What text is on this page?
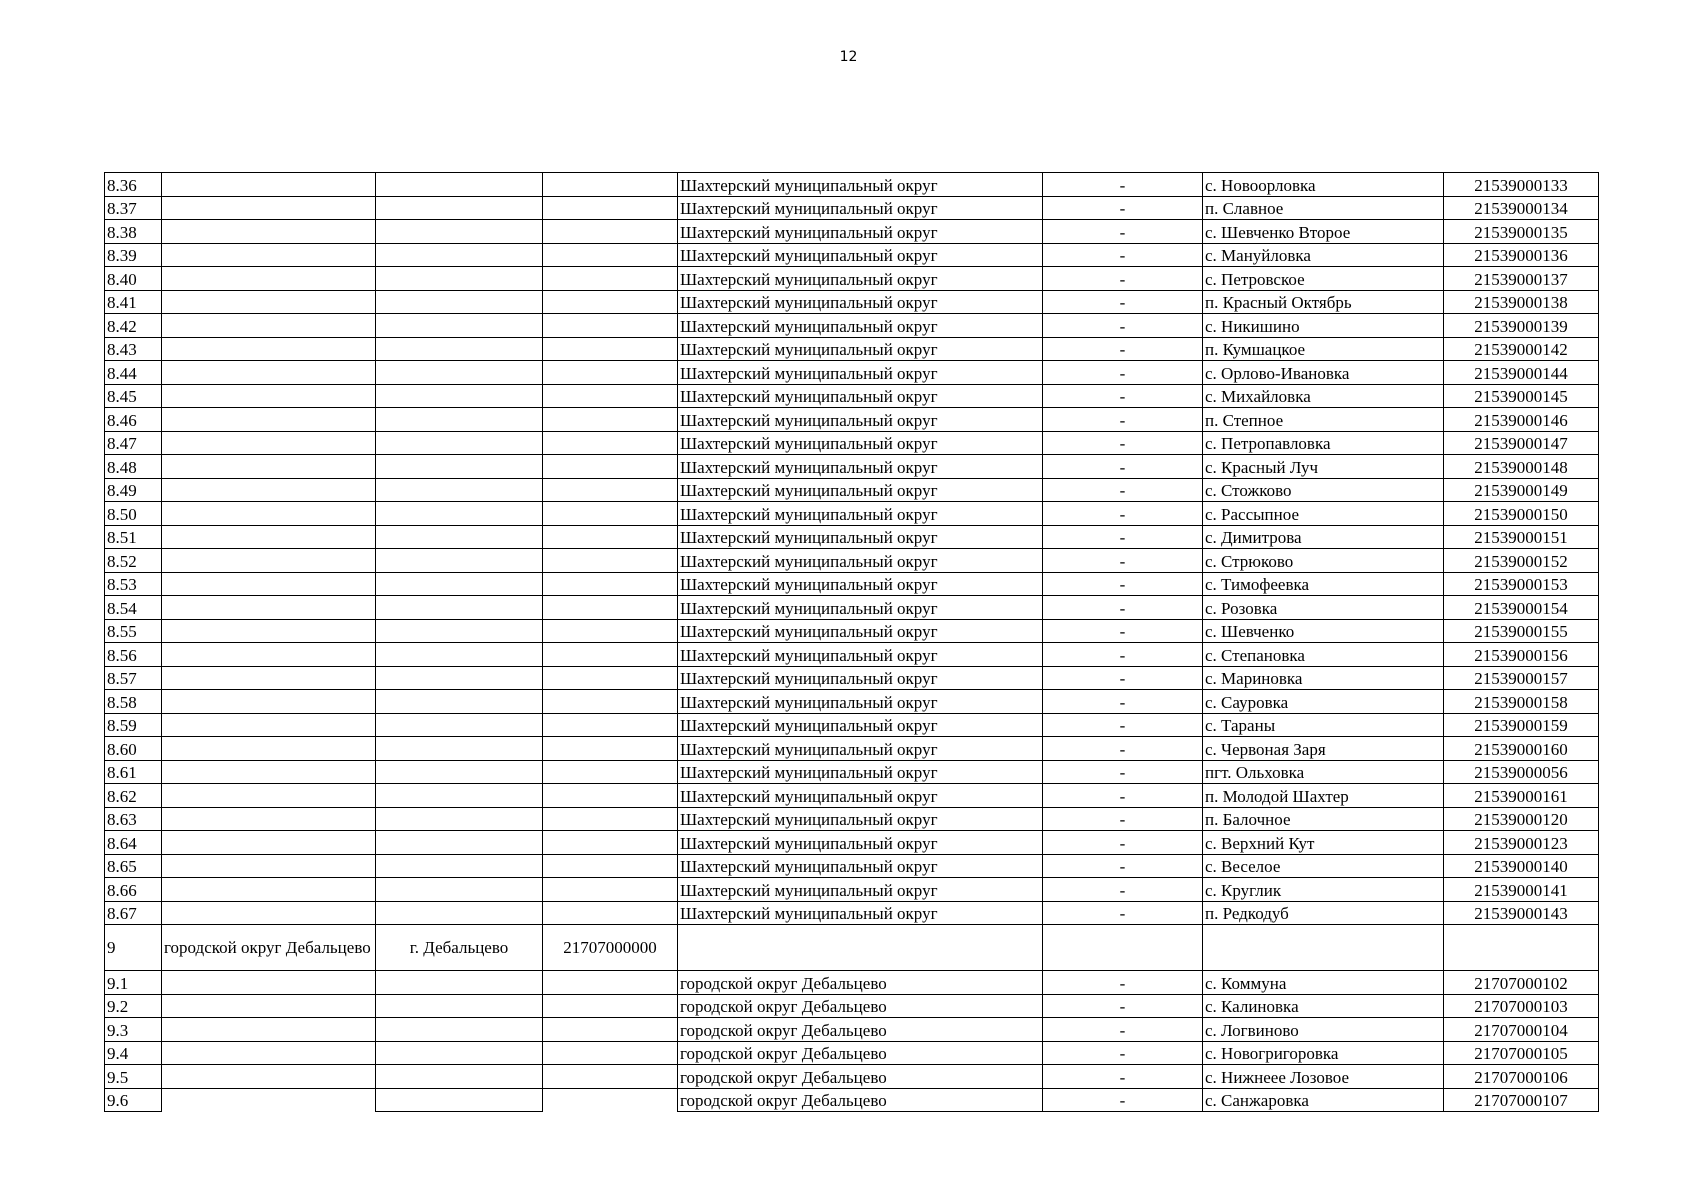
12
8.36				Шахтерский муниципальный округ	-	с. Новоорловка	21539000133
8.37				Шахтерский муниципальный округ	-	п. Славное	21539000134
8.38				Шахтерский муниципальный округ	-	с. Шевченко Второе	21539000135
8.39				Шахтерский муниципальный округ	-	с. Мануйловка	21539000136
8.40				Шахтерский муниципальный округ	-	с. Петровское	21539000137
8.41				Шахтерский муниципальный округ	-	п. Красный Октябрь	21539000138
8.42				Шахтерский муниципальный округ	-	с. Никишино	21539000139
8.43				Шахтерский муниципальный округ	-	п. Кумшацкое	21539000142
8.44				Шахтерский муниципальный округ	-	с. Орлово-Ивановка	21539000144
8.45				Шахтерский муниципальный округ	-	с. Михайловка	21539000145
8.46				Шахтерский муниципальный округ	-	п. Степное	21539000146
8.47				Шахтерский муниципальный округ	-	с. Петропавловка	21539000147
8.48				Шахтерский муниципальный округ	-	с. Красный Луч	21539000148
8.49				Шахтерский муниципальный округ	-	с. Стожково	21539000149
8.50				Шахтерский муниципальный округ	-	с. Рассыпное	21539000150
8.51				Шахтерский муниципальный округ	-	с. Димитрова	21539000151
8.52				Шахтерский муниципальный округ	-	с. Стрюково	21539000152
8.53				Шахтерский муниципальный округ	-	с. Тимофеевка	21539000153
8.54				Шахтерский муниципальный округ	-	с. Розовка	21539000154
8.55				Шахтерский муниципальный округ	-	с. Шевченко	21539000155
8.56				Шахтерский муниципальный округ	-	с. Степановка	21539000156
8.57				Шахтерский муниципальный округ	-	с. Мариновка	21539000157
8.58				Шахтерский муниципальный округ	-	с. Сауровка	21539000158
8.59				Шахтерский муниципальный округ	-	с. Тараны	21539000159
8.60				Шахтерский муниципальный округ	-	с. Червоная Заря	21539000160
8.61				Шахтерский муниципальный округ	-	пгт. Ольховка	21539000056
8.62				Шахтерский муниципальный округ	-	п. Молодой Шахтер	21539000161
8.63				Шахтерский муниципальный округ	-	п. Балочное	21539000120
8.64				Шахтерский муниципальный округ	-	с. Верхний Кут	21539000123
8.65				Шахтерский муниципальный округ	-	с. Веселое	21539000140
8.66				Шахтерский муниципальный округ	-	с. Круглик	21539000141
8.67				Шахтерский муниципальный округ	-	п. Редкодуб	21539000143
9	городской округ Дебальцево	г. Дебальцево	21707000000				
9.1				городской округ Дебальцево	-	с. Коммуна	21707000102
9.2				городской округ Дебальцево	-	с. Калиновка	21707000103
9.3				городской округ Дебальцево	-	с. Логвиново	21707000104
9.4				городской округ Дебальцево	-	с. Новогригоровка	21707000105
9.5				городской округ Дебальцево	-	с. Нижнеее Лозовое	21707000106
9.6				городской округ Дебальцево	-	с. Санжаровка	21707000107
